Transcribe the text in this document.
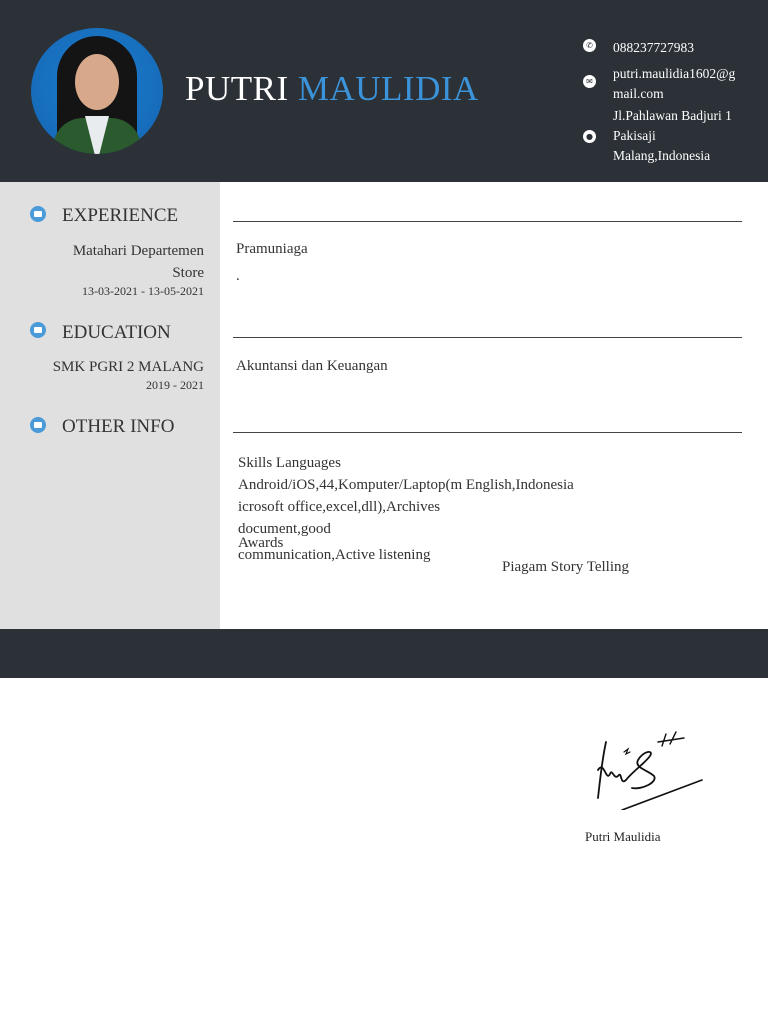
PUTRI MAULIDIA
✆ 088237727983
✉
putri.maulidia1602@g
mail.com
●
Jl.Pahlawan Badjuri 1
Pakisaji
Malang,Indonesia
EXPERIENCE
Matahari Departemen
Store
13-03-2021 - 13-05-2021
Pramuniaga
.
EDUCATION
SMK PGRI 2 MALANG
2019 - 2021
Akuntansi dan Keuangan
OTHER INFO
Skills Languages
Android/iOS,44,Komputer/Laptop(m English,Indonesia
icrosoft office,excel,dll),Archives
document,good
Awards
communication,Active listening
Piagam Story Telling
Putri Maulidia
